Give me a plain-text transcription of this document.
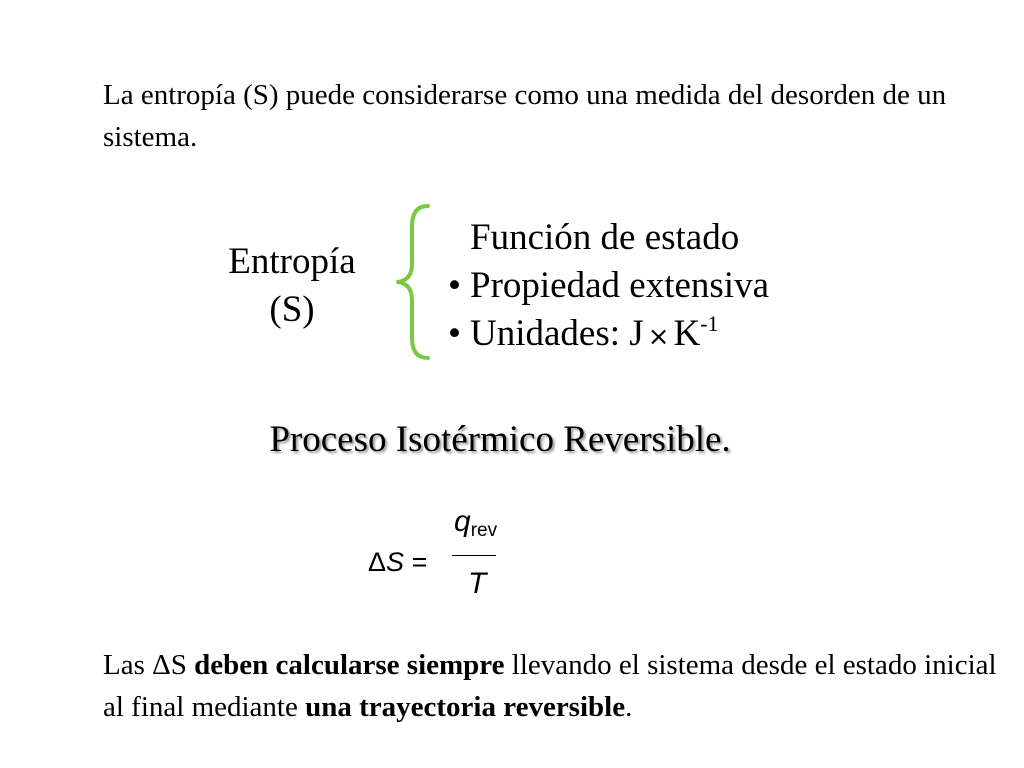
La entropía (S) puede considerarse como una medida del desorden de un sistema.
Entropía
(S)
Función de estado
• Propiedad extensiva
• Unidades: $J \times K^{-1}$
Proceso Isotérmico Reversible.
ΔS =
$q_{rev}$
T
Las ΔS deben calcularse siempre llevando el sistema desde el estado inicial al final mediante una trayectoria reversible.
